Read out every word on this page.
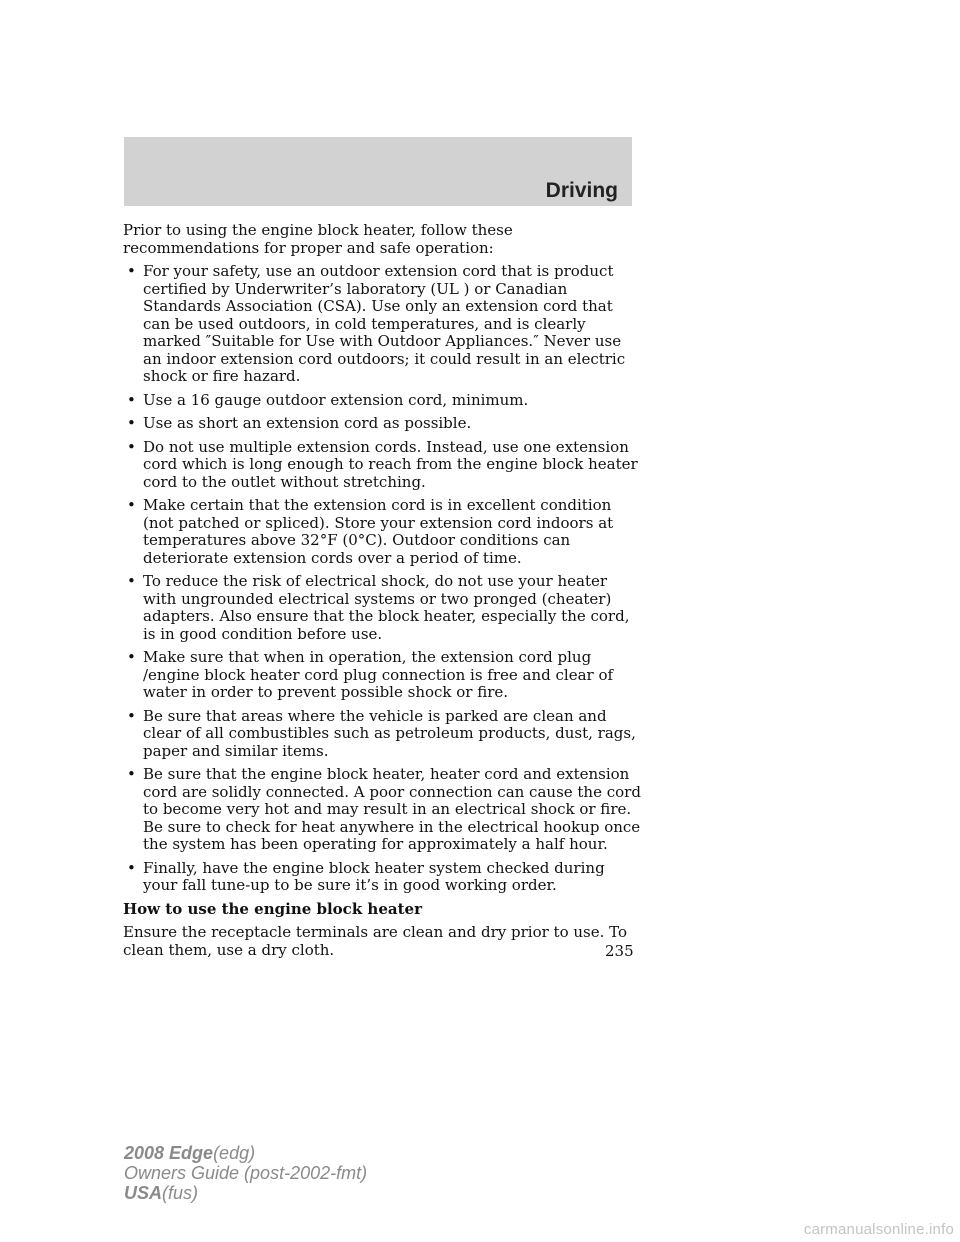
Driving

Prior to using the engine block heater, follow these recommendations for proper and safe operation:

• For your safety, use an outdoor extension cord that is product certified by Underwriter’s laboratory (UL ) or Canadian Standards Association (CSA). Use only an extension cord that can be used outdoors, in cold temperatures, and is clearly marked ″Suitable for Use with Outdoor Appliances.″ Never use an indoor extension cord outdoors; it could result in an electric shock or fire hazard.
• Use a 16 gauge outdoor extension cord, minimum.
• Use as short an extension cord as possible.
• Do not use multiple extension cords. Instead, use one extension cord which is long enough to reach from the engine block heater cord to the outlet without stretching.
• Make certain that the extension cord is in excellent condition (not patched or spliced). Store your extension cord indoors at temperatures above 32°F (0°C). Outdoor conditions can deteriorate extension cords over a period of time.
• To reduce the risk of electrical shock, do not use your heater with ungrounded electrical systems or two pronged (cheater) adapters. Also ensure that the block heater, especially the cord, is in good condition before use.
• Make sure that when in operation, the extension cord plug /engine block heater cord plug connection is free and clear of water in order to prevent possible shock or fire.
• Be sure that areas where the vehicle is parked are clean and clear of all combustibles such as petroleum products, dust, rags, paper and similar items.
• Be sure that the engine block heater, heater cord and extension cord are solidly connected. A poor connection can cause the cord to become very hot and may result in an electrical shock or fire. Be sure to check for heat anywhere in the electrical hookup once the system has been operating for approximately a half hour.
• Finally, have the engine block heater system checked during your fall tune-up to be sure it’s in good working order.

How to use the engine block heater

Ensure the receptacle terminals are clean and dry prior to use. To clean them, use a dry cloth.	235
2008 Edge(edg)
Owners Guide (post-2002-fmt)
USA(fus)
carmanualsonline.info
